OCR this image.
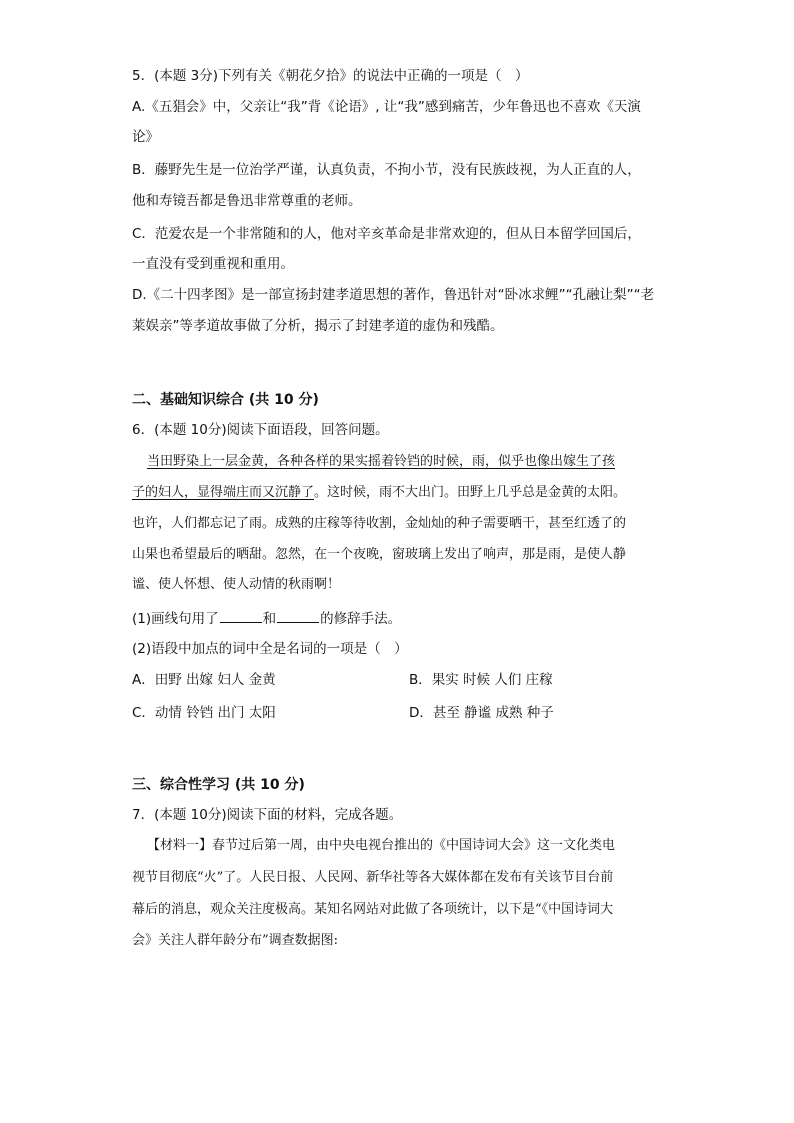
5．(本题 3分)下列有关《朝花夕拾》的说法中正确的一项是（　）
A.《五猖会》中，父亲让“我”背《论语》, 让“我”感到痛苦，少年鲁迅也不喜欢《天演
论》
B．藤野先生是一位治学严谨，认真负责，不拘小节，没有民族歧视，为人正直的人，
他和寿镜吾都是鲁迅非常尊重的老师。
C．范爱农是一个非常随和的人，他对辛亥革命是非常欢迎的，但从日本留学回国后，
一直没有受到重视和重用。
D.《二十四孝图》是一部宣扬封建孝道思想的著作，鲁迅针对“卧冰求鲤”“孔融让梨”“老
莱娱亲”等孝道故事做了分析，揭示了封建孝道的虚伪和残酷。
二、基础知识综合 (共 10 分)
6．(本题 10分)阅读下面语段，回答问题。
当田野染上一层金黄，各种各样的果实摇着铃铛的时候，雨，似乎也像出嫁生了孩
子的妇人，显得端庄而又沉静了。这时候，雨不大出门。田野上几乎总是金黄的太阳。
也许，人们都忘记了雨。成熟的庄稼等待收割，金灿灿的种子需要晒干，甚至红透了的
山果也希望最后的晒甜。忽然，在一个夜晚，窗玻璃上发出了响声，那是雨，是使人静
谧、使人怀想、使人动情的秋雨啊！
(1)画线句用了	和	的修辞手法。
(2)语段中加点的词中全是名词的一项是（　）
A．田野 出嫁 妇人 金黄	B．果实 时候 人们 庄稼
C．动情 铃铛 出门 太阳	D．甚至 静谧 成熟 种子
三、综合性学习 (共 10 分)
7．(本题 10分)阅读下面的材料，完成各题。
【材料一】春节过后第一周，由中央电视台推出的《中国诗词大会》这一文化类电
视节目彻底“火”了。人民日报、人民网、新华社等各大媒体都在发布有关该节目台前
幕后的消息，观众关注度极高。某知名网站对此做了各项统计，以下是“《中国诗词大
会》关注人群年龄分布”调查数据图:
